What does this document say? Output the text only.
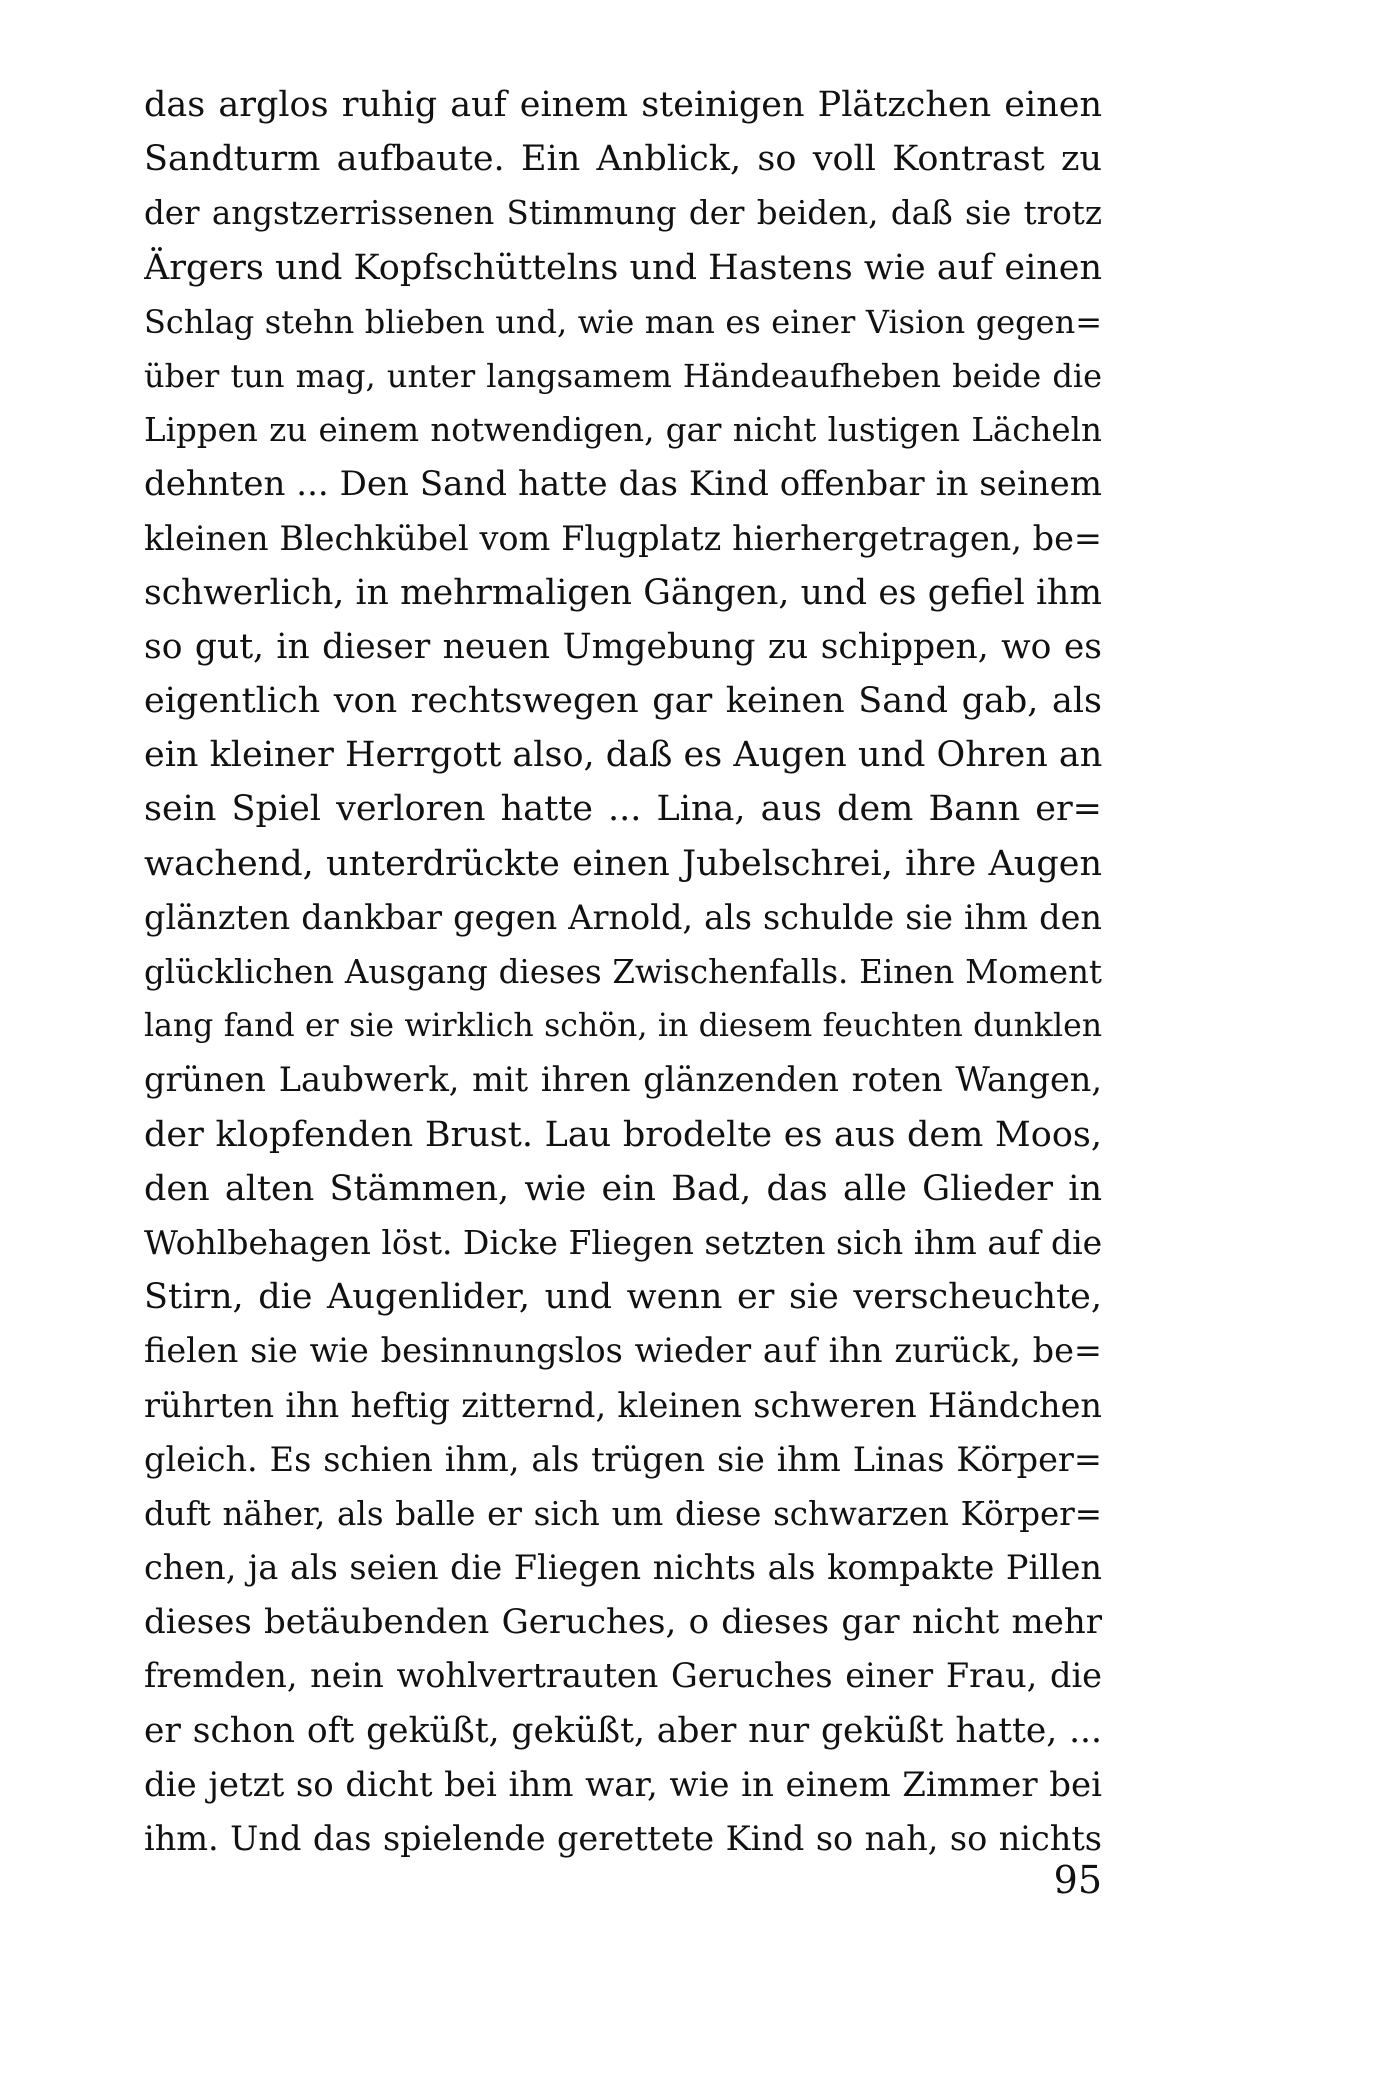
das arglos ruhig auf einem steinigen Plätzchen einen
Sandturm aufbaute. Ein Anblick, so voll Kontrast zu
der angstzerrissenen Stimmung der beiden, daß sie trotz
Ärgers und Kopfschüttelns und Hastens wie auf einen
Schlag stehn blieben und, wie man es einer Vision gegen=
über tun mag, unter langsamem Händeaufheben beide die
Lippen zu einem notwendigen, gar nicht lustigen Lächeln
dehnten ... Den Sand hatte das Kind offenbar in seinem
kleinen Blechkübel vom Flugplatz hierhergetragen, be=
schwerlich, in mehrmaligen Gängen, und es gefiel ihm
so gut, in dieser neuen Umgebung zu schippen, wo es
eigentlich von rechtswegen gar keinen Sand gab, als
ein kleiner Herrgott also, daß es Augen und Ohren an
sein Spiel verloren hatte ... Lina, aus dem Bann er=
wachend, unterdrückte einen Jubelschrei, ihre Augen
glänzten dankbar gegen Arnold, als schulde sie ihm den
glücklichen Ausgang dieses Zwischenfalls. Einen Moment
lang fand er sie wirklich schön, in diesem feuchten dunklen
grünen Laubwerk, mit ihren glänzenden roten Wangen,
der klopfenden Brust. Lau brodelte es aus dem Moos,
den alten Stämmen, wie ein Bad, das alle Glieder in
Wohlbehagen löst. Dicke Fliegen setzten sich ihm auf die
Stirn, die Augenlider, und wenn er sie verscheuchte,
fielen sie wie besinnungslos wieder auf ihn zurück, be=
rührten ihn heftig zitternd, kleinen schweren Händchen
gleich. Es schien ihm, als trügen sie ihm Linas Körper=
duft näher, als balle er sich um diese schwarzen Körper=
chen, ja als seien die Fliegen nichts als kompakte Pillen
dieses betäubenden Geruches, o dieses gar nicht mehr
fremden, nein wohlvertrauten Geruches einer Frau, die
er schon oft geküßt, geküßt, aber nur geküßt hatte, ...
die jetzt so dicht bei ihm war, wie in einem Zimmer bei
ihm. Und das spielende gerettete Kind so nah, so nichts
95
